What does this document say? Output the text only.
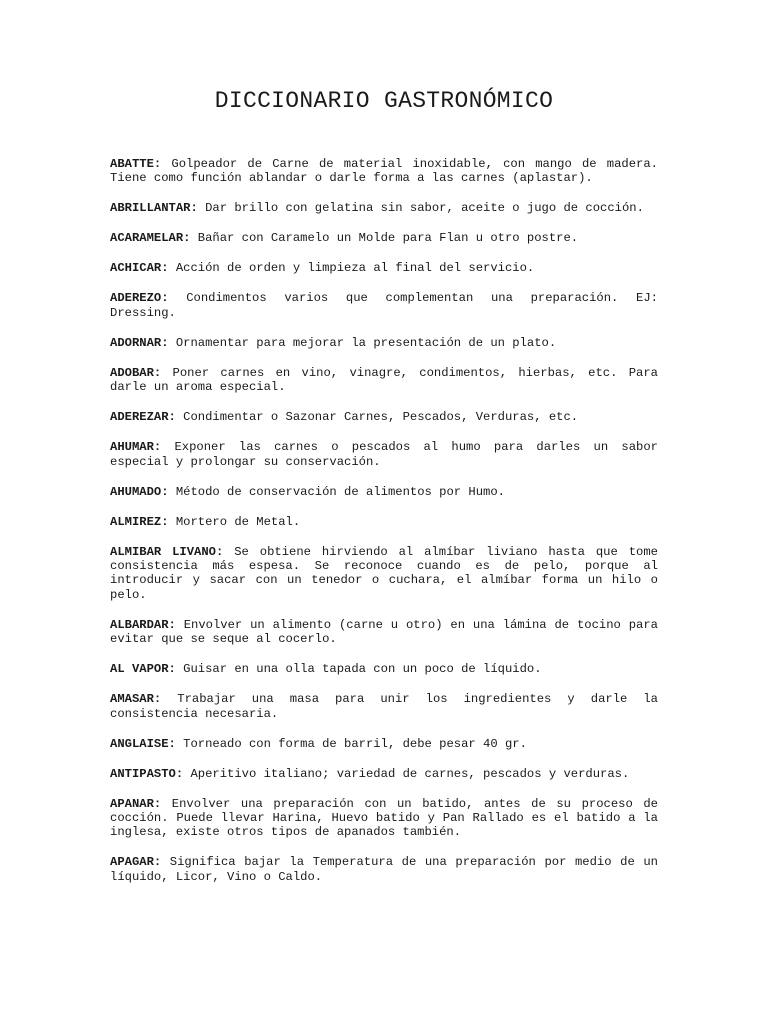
DICCIONARIO GASTRONÓMICO

ABATTE: Golpeador de Carne de material inoxidable, con mango de madera. Tiene como función ablandar o darle forma a las carnes (aplastar).

ABRILLANTAR: Dar brillo con gelatina sin sabor, aceite o jugo de cocción.

ACARAMELAR: Bañar con Caramelo un Molde para Flan u otro postre.

ACHICAR: Acción de orden y limpieza al final del servicio.

ADEREZO: Condimentos varios que complementan una preparación. EJ: Dressing.

ADORNAR: Ornamentar para mejorar la presentación de un plato.

ADOBAR: Poner carnes en vino, vinagre, condimentos, hierbas, etc. Para darle un aroma especial.

ADEREZAR: Condimentar o Sazonar Carnes, Pescados, Verduras, etc.

AHUMAR: Exponer las carnes o pescados al humo para darles un sabor especial y prolongar su conservación.

AHUMADO: Método de conservación de alimentos por Humo.

ALMIREZ: Mortero de Metal.

ALMIBAR LIVANO: Se obtiene hirviendo al almíbar liviano hasta que tome consistencia más espesa. Se reconoce cuando es de pelo, porque al introducir y sacar con un tenedor o cuchara, el almíbar forma un hilo o pelo.

ALBARDAR: Envolver un alimento (carne u otro) en una lámina de tocino para evitar que se seque al cocerlo.

AL VAPOR: Guisar en una olla tapada con un poco de líquido.

AMASAR: Trabajar una masa para unir los ingredientes y darle la consistencia necesaria.

ANGLAISE: Torneado con forma de barril, debe pesar 40 gr.

ANTIPASTO: Aperitivo italiano; variedad de carnes, pescados y verduras.

APANAR: Envolver una preparación con un batido, antes de su proceso de cocción. Puede llevar Harina, Huevo batido y Pan Rallado es el batido a la inglesa, existe otros tipos de apanados también.

APAGAR: Significa bajar la Temperatura de una preparación por medio de un líquido, Licor, Vino o Caldo.
